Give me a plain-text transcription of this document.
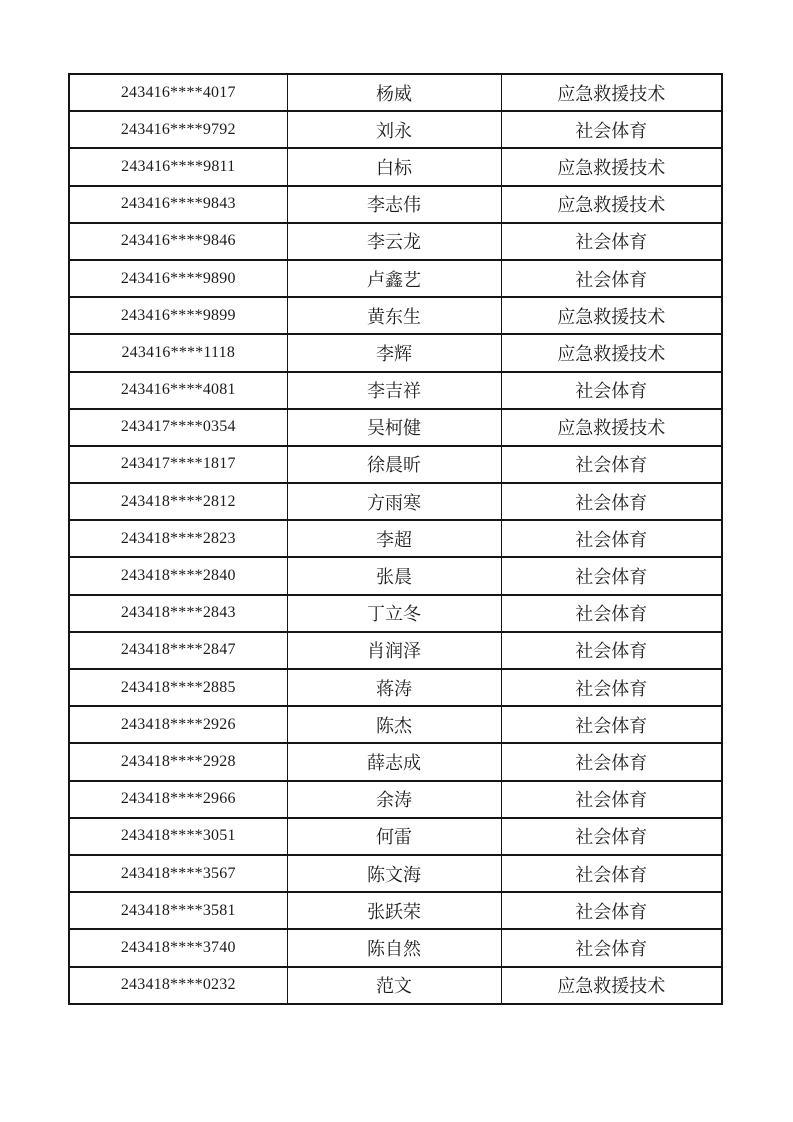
243416****4017	杨威	应急救援技术
243416****9792	刘永	社会体育
243416****9811	白标	应急救援技术
243416****9843	李志伟	应急救援技术
243416****9846	李云龙	社会体育
243416****9890	卢鑫艺	社会体育
243416****9899	黄东生	应急救援技术
243416****1118	李辉	应急救援技术
243416****4081	李吉祥	社会体育
243417****0354	吴柯健	应急救援技术
243417****1817	徐晨昕	社会体育
243418****2812	方雨寒	社会体育
243418****2823	李超	社会体育
243418****2840	张晨	社会体育
243418****2843	丁立冬	社会体育
243418****2847	肖润泽	社会体育
243418****2885	蒋涛	社会体育
243418****2926	陈杰	社会体育
243418****2928	薛志成	社会体育
243418****2966	余涛	社会体育
243418****3051	何雷	社会体育
243418****3567	陈文海	社会体育
243418****3581	张跃荣	社会体育
243418****3740	陈自然	社会体育
243418****0232	范文	应急救援技术
